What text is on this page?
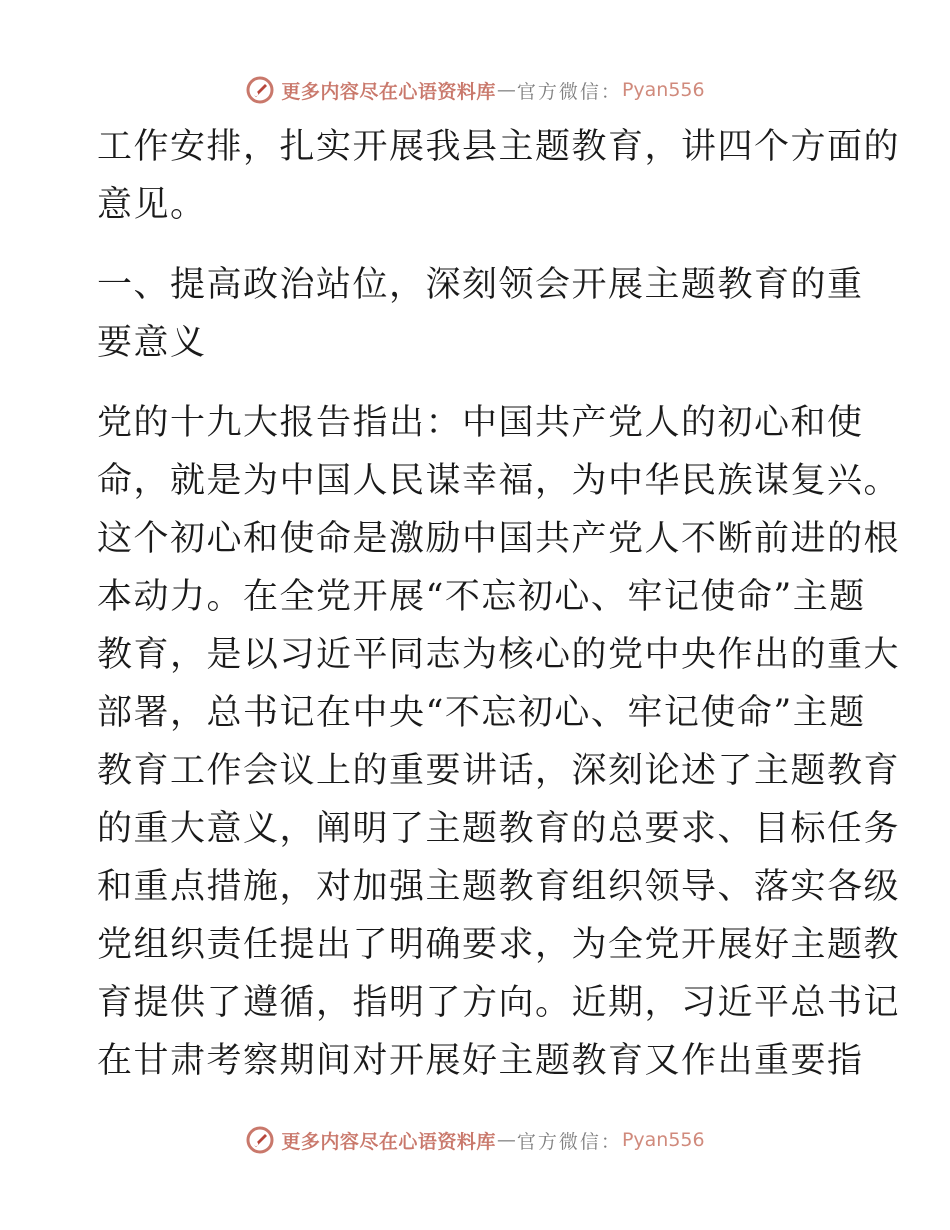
更多内容尽在心语资料库 — 官方微信： Pyan556
工作安排，扎实开展我县主题教育，讲四个方面的
意见。
一、提高政治站位，深刻领会开展主题教育的重
要意义
党的十九大报告指出：中国共产党人的初心和使
命，就是为中国人民谋幸福，为中华民族谋复兴。
这个初心和使命是激励中国共产党人不断前进的根
本动力。在全党开展“不忘初心、牢记使命”主题
教育，是以习近平同志为核心的党中央作出的重大
部署，总书记在中央“不忘初心、牢记使命”主题
教育工作会议上的重要讲话，深刻论述了主题教育
的重大意义，阐明了主题教育的总要求、目标任务
和重点措施，对加强主题教育组织领导、落实各级
党组织责任提出了明确要求，为全党开展好主题教
育提供了遵循，指明了方向。近期，习近平总书记
在甘肃考察期间对开展好主题教育又作出重要指
更多内容尽在心语资料库 — 官方微信： Pyan556
